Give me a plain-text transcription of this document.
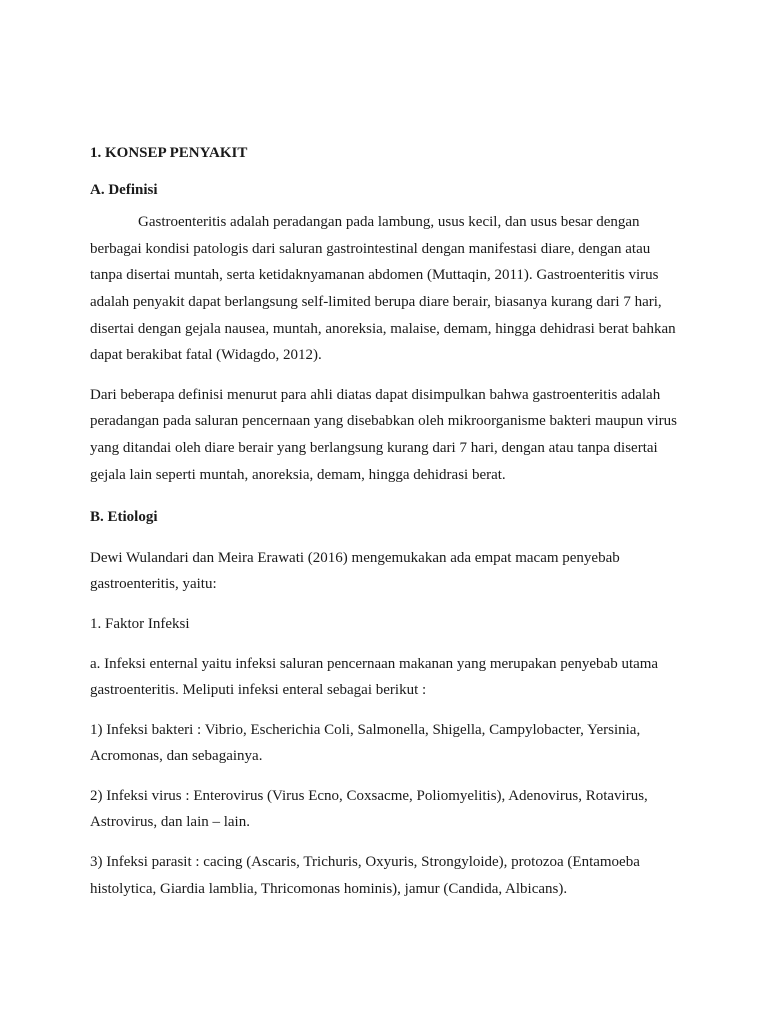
1. KONSEP PENYAKIT

A. Definisi

Gastroenteritis adalah peradangan pada lambung, usus kecil, dan usus besar dengan berbagai kondisi patologis dari saluran gastrointestinal dengan manifestasi diare, dengan atau tanpa disertai muntah, serta ketidaknyamanan abdomen (Muttaqin, 2011). Gastroenteritis virus adalah penyakit dapat berlangsung self-limited berupa diare berair, biasanya kurang dari 7 hari, disertai dengan gejala nausea, muntah, anoreksia, malaise, demam, hingga dehidrasi berat bahkan dapat berakibat fatal (Widagdo, 2012).

Dari beberapa definisi menurut para ahli diatas dapat disimpulkan bahwa gastroenteritis adalah peradangan pada saluran pencernaan yang disebabkan oleh mikroorganisme bakteri maupun virus yang ditandai oleh diare berair yang berlangsung kurang dari 7 hari, dengan atau tanpa disertai gejala lain seperti muntah, anoreksia, demam, hingga dehidrasi berat.

B. Etiologi

Dewi Wulandari dan Meira Erawati (2016) mengemukakan ada empat macam penyebab gastroenteritis, yaitu:

1. Faktor Infeksi

a. Infeksi enternal yaitu infeksi saluran pencernaan makanan yang merupakan penyebab utama gastroenteritis. Meliputi infeksi enteral sebagai berikut :

1) Infeksi bakteri : Vibrio, Escherichia Coli, Salmonella, Shigella, Campylobacter, Yersinia, Acromonas, dan sebagainya.

2) Infeksi virus : Enterovirus (Virus Ecno, Coxsacme, Poliomyelitis), Adenovirus, Rotavirus, Astrovirus, dan lain – lain.

3) Infeksi parasit : cacing (Ascaris, Trichuris, Oxyuris, Strongyloide), protozoa (Entamoeba histolytica, Giardia lamblia, Thricomonas hominis), jamur (Candida, Albicans).
